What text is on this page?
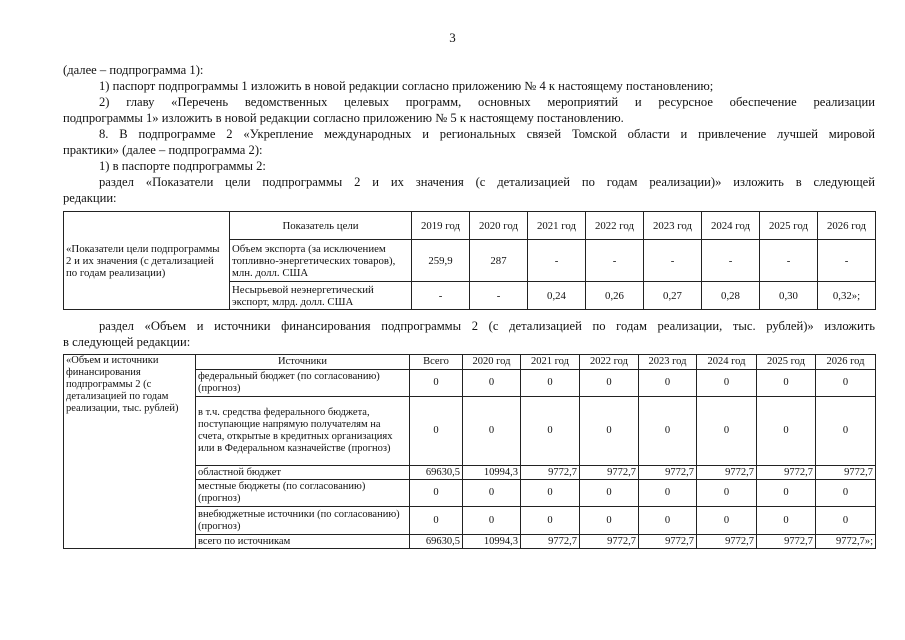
3
(далее – подпрограмма 1):
1) паспорт подпрограммы 1 изложить в новой редакции согласно приложению № 4 к настоящему постановлению;
2) главу «Перечень ведомственных целевых программ, основных мероприятий и ресурсное обеспечение реализации
подпрограммы 1» изложить в новой редакции согласно приложению № 5 к настоящему постановлению.
8. В подпрограмме 2 «Укрепление международных и региональных связей Томской области и привлечение лучшей мировой
практики» (далее – подпрограмма 2):
1) в паспорте подпрограммы 2:
раздел «Показатели цели подпрограммы 2 и их значения (с детализацией по годам реализации)» изложить в следующей
редакции:
«Показатели цели подпрограммы 2 и их значения (с детализацией по годам реализации)	Показатель цели	2019 год	2020 год	2021 год	2022 год	2023 год	2024 год	2025 год	2026 год
	Объем экспорта (за исключением топливно-энергетических товаров), млн. долл. США	259,9	287	-	-	-	-	-	-
	Несырьевой неэнергетический экспорт, млрд. долл. США	-	-	0,24	0,26	0,27	0,28	0,30	0,32»;
раздел «Объем и источники финансирования подпрограммы 2 (с детализацией по годам реализации, тыс. рублей)» изложить
в следующей редакции:
«Объем и источники финансирования подпрограммы 2 (с детализацией по годам реализации, тыс. рублей)	Источники	Всего	2020 год	2021 год	2022 год	2023 год	2024 год	2025 год	2026 год
	федеральный бюджет (по согласованию) (прогноз)	0	0	0	0	0	0	0	0
	в т.ч. средства федерального бюджета, поступающие напрямую получателям на счета, открытые в кредитных организациях или в Федеральном казначействе (прогноз)	0	0	0	0	0	0	0	0
	областной бюджет	69630,5	10994,3	9772,7	9772,7	9772,7	9772,7	9772,7	9772,7
	местные бюджеты (по согласованию) (прогноз)	0	0	0	0	0	0	0	0
	внебюджетные источники (по согласованию) (прогноз)	0	0	0	0	0	0	0	0
	всего по источникам	69630,5	10994,3	9772,7	9772,7	9772,7	9772,7	9772,7	9772,7»;
